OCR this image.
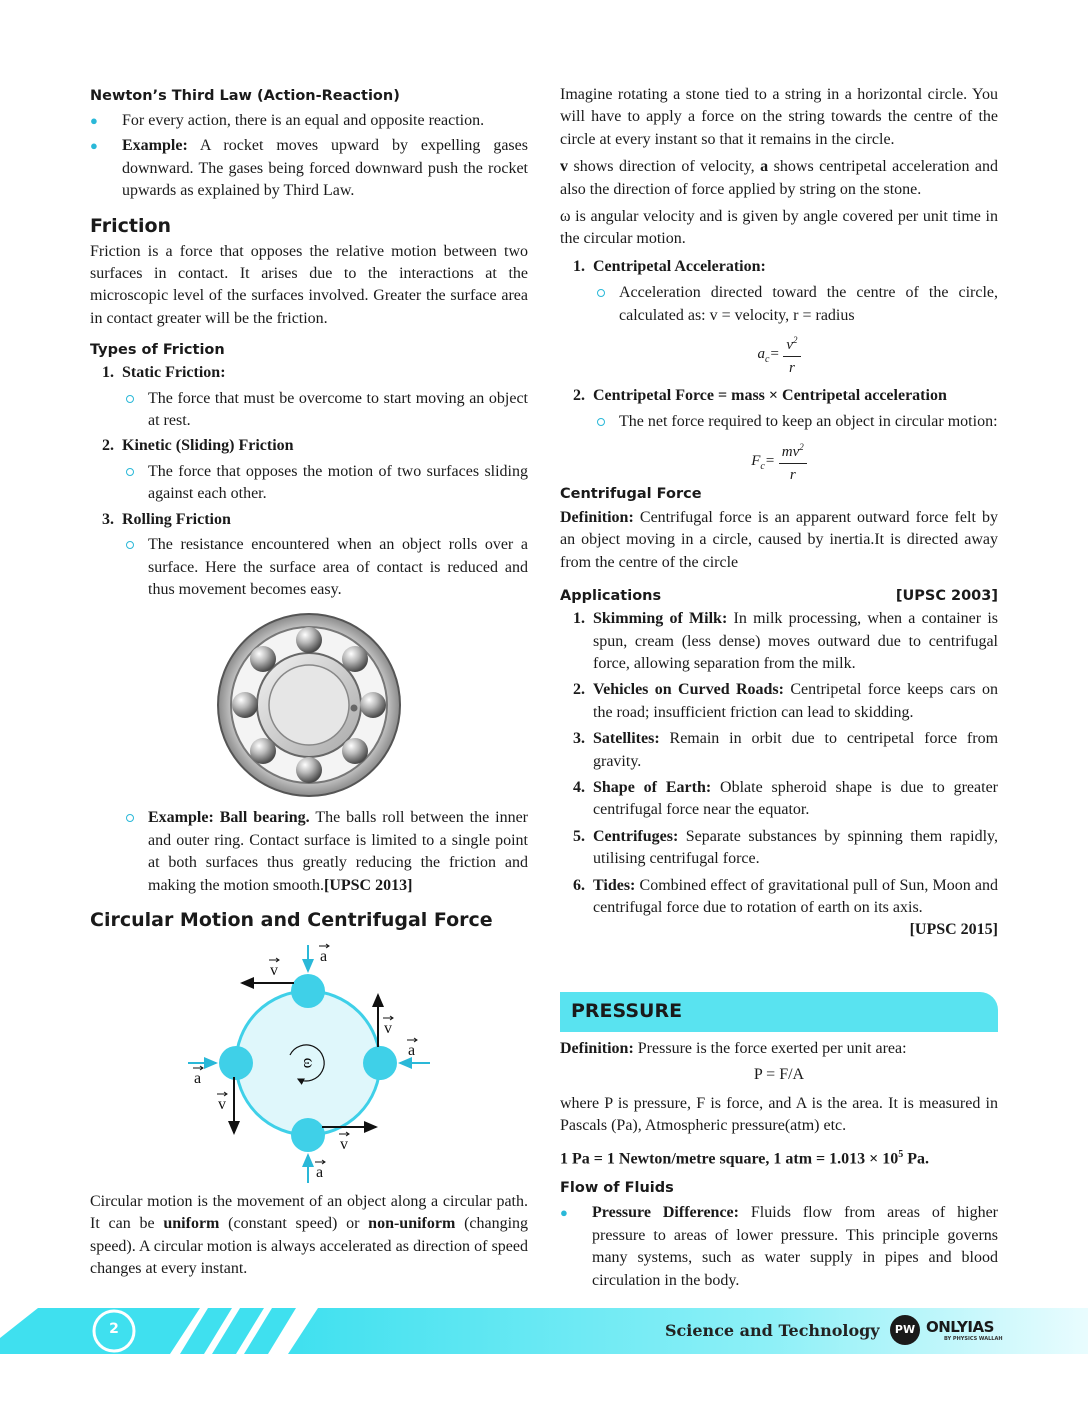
Newton’s Third Law (Action-Reaction)

● For every action, there is an equal and opposite reaction.

● Example: A rocket moves upward by expelling gases downward. The gases being forced downward push the rocket upwards as explained by Third Law.

Friction

Friction is a force that opposes the relative motion between two surfaces in contact. It arises due to the interactions at the microscopic level of the surfaces involved. Greater the surface area in contact greater will be the friction.

Types of Friction

1. Static Friction:

The force that must be overcome to start moving an object at rest.

2. Kinetic (Sliding) Friction

The force that opposes the motion of two surfaces sliding against each other.

3. Rolling Friction

The resistance encountered when an object rolls over a surface. Here the surface area of contact is reduced and thus movement becomes easy.

Example: Ball bearing. The balls roll between the inner and outer ring. Contact surface is limited to a single point at both surfaces thus greatly reducing the friction and making the motion smooth.[UPSC 2013]

Circular Motion and Centrifugal Force
ω
a
v
v
a
a
v
v
a

Circular motion is the movement of an object along a circular path. It can be uniform (constant speed) or non-uniform (changing speed). A circular motion is always accelerated as direction of speed changes at every instant.

Imagine rotating a stone tied to a string in a horizontal circle. You will have to apply a force on the string towards the centre of the circle at every instant so that it remains in the circle.

v shows direction of velocity, a shows centripetal acceleration and also the direction of force applied by string on the stone.

ω is angular velocity and is given by angle covered per unit time in the circular motion.

1. Centripetal Acceleration:

Acceleration directed toward the centre of the circle, calculated as: v = velocity, r = radius

$a_c= \frac{v^2}{r}$

2. Centripetal Force = mass × Centripetal acceleration

The net force required to keep an object in circular motion:

$F_c= \frac{mv^2}{r}$
Centrifugal Force

Definition: Centrifugal force is an apparent outward force felt by an object moving in a circle, caused by inertia.It is directed away from the centre of the circle

Applications	[UPSC 2003]

1. Skimming of Milk: In milk processing, when a container is spun, cream (less dense) moves outward due to centrifugal force, allowing separation from the milk.

2. Vehicles on Curved Roads: Centripetal force keeps cars on the road; insufficient friction can lead to skidding.

3. Satellites: Remain in orbit due to centripetal force from gravity.

4. Shape of Earth: Oblate spheroid shape is due to greater centrifugal force near the equator.

5. Centrifuges: Separate substances by spinning them rapidly, utilising centrifugal force.

6. Tides: Combined effect of gravitational pull of Sun, Moon and centrifugal force due to rotation of earth on its axis.
[UPSC 2015]

PRESSURE

Definition: Pressure is the force exerted per unit area:

P = F/A

where P is pressure, F is force, and A is the area. It is measured in Pascals (Pa), Atmospheric pressure(atm) etc.

1 Pa = 1 Newton/metre square, 1 atm = $1.013 \times 10^5$ Pa.

Flow of Fluids

● Pressure Difference: Fluids flow from areas of higher pressure to areas of lower pressure. This principle governs many systems, such as water supply in pipes and blood circulation in the body.

2	Science and Technology	PW ONLYIAS
BY PHYSICS WALLAH
